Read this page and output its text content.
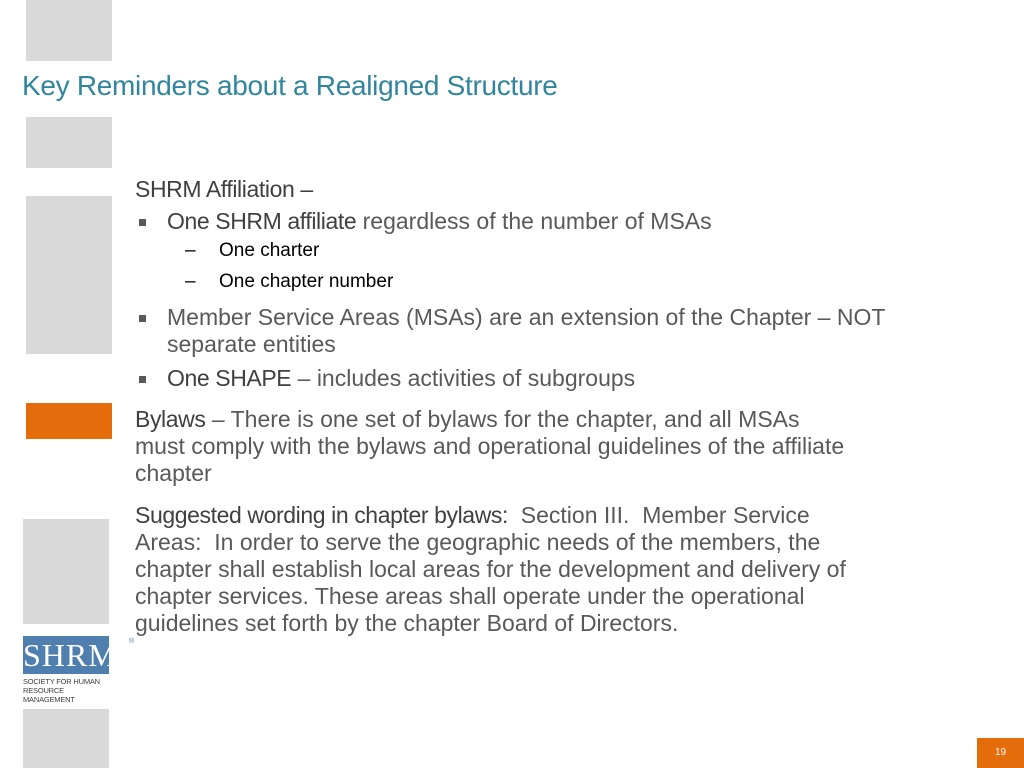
Key Reminders about a Realigned Structure

SHRM Affiliation –

One SHRM affiliate regardless of the number of MSAs
– One charter
– One chapter number
Member Service Areas (MSAs) are an extension of the Chapter – NOT separate entities
One SHAPE – includes activities of subgroups

Bylaws – There is one set of bylaws for the chapter, and all MSAs must comply with the bylaws and operational guidelines of the affiliate chapter

Suggested wording in chapter bylaws:  Section III.  Member Service Areas:  In order to serve the geographic needs of the members, the chapter shall establish local areas for the development and delivery of chapter services. These areas shall operate under the operational guidelines set forth by the chapter Board of Directors.

SHRM ®
SOCIETY FOR HUMAN
RESOURCE MANAGEMENT
19
